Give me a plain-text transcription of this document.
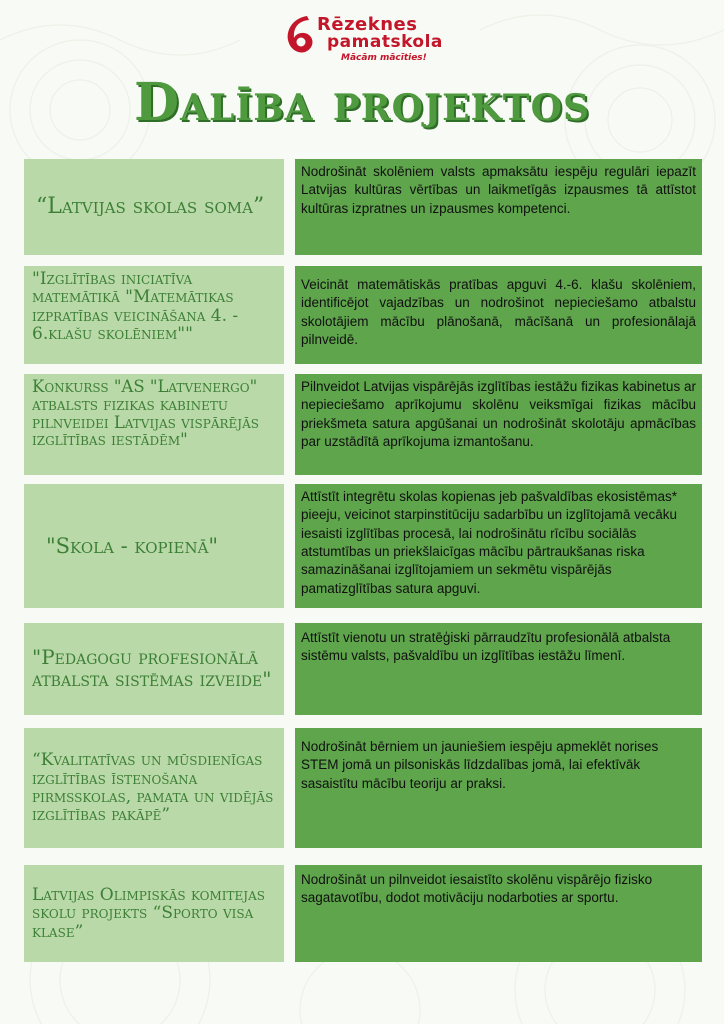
Rēzeknes
pamatskola
Mācām mācīties!
Dalība projektos
“Latvijas skolas soma”
Nodrošināt skolēniem valsts apmaksātu iespēju regulāri iepazīt Latvijas kultūras vērtības un laikmetīgās izpausmes tā attīstot kultūras izpratnes un izpausmes kompetenci.
"Izglītības iniciatīva matemātikā "Matemātikas izpratības veicināšana 4. - 6.klašu skolēniem""
Veicināt matemātiskās pratības apguvi 4.-6. klašu skolēniem, identificējot vajadzības un nodrošinot nepieciešamo atbalstu skolotājiem mācību plānošanā, mācīšanā un profesionālajā pilnveidē.
Konkurss "AS "Latvenergo" atbalsts fizikas kabinetu pilnveidei Latvijas vispārējās izglītības iestādēm"
Pilnveidot Latvijas vispārējās izglītības iestāžu fizikas kabinetus ar nepieciešamo aprīkojumu skolēnu veiksmīgai fizikas mācību priekšmeta satura apgūšanai un nodrošināt skolotāju apmācības par uzstādītā aprīkojuma izmantošanu.
"Skola - kopienā"
Attīstīt integrētu skolas kopienas jeb pašvaldības ekosistēmas* pieeju, veicinot starpinstitūciju sadarbību un izglītojamā vecāku iesaisti izglītības procesā, lai nodrošinātu rīcību sociālās atstumtības un priekšlaicīgas mācību pārtraukšanas riska samazināšanai izglītojamiem un sekmētu vispārējās pamatizglītības satura apguvi.
"Pedagogu profesionālā atbalsta sistēmas izveide"
Attīstīt vienotu un stratēģiski pārraudzītu profesionālā atbalsta sistēmu valsts, pašvaldību un izglītības iestāžu līmenī.
“Kvalitatīvas un mūsdienīgas izglītības īstenošana pirmsskolas, pamata un vidējās izglītības pakāpē”
Nodrošināt bērniem un jauniešiem iespēju apmeklēt norises STEM jomā un pilsoniskās līdzdalības jomā, lai efektīvāk sasaistītu mācību teoriju ar praksi.
Latvijas Olimpiskās komitejas skolu projekts “Sporto visa klase”
Nodrošināt un pilnveidot iesaistīto skolēnu vispārējo fizisko sagatavotību, dodot motivāciju nodarboties ar sportu.
